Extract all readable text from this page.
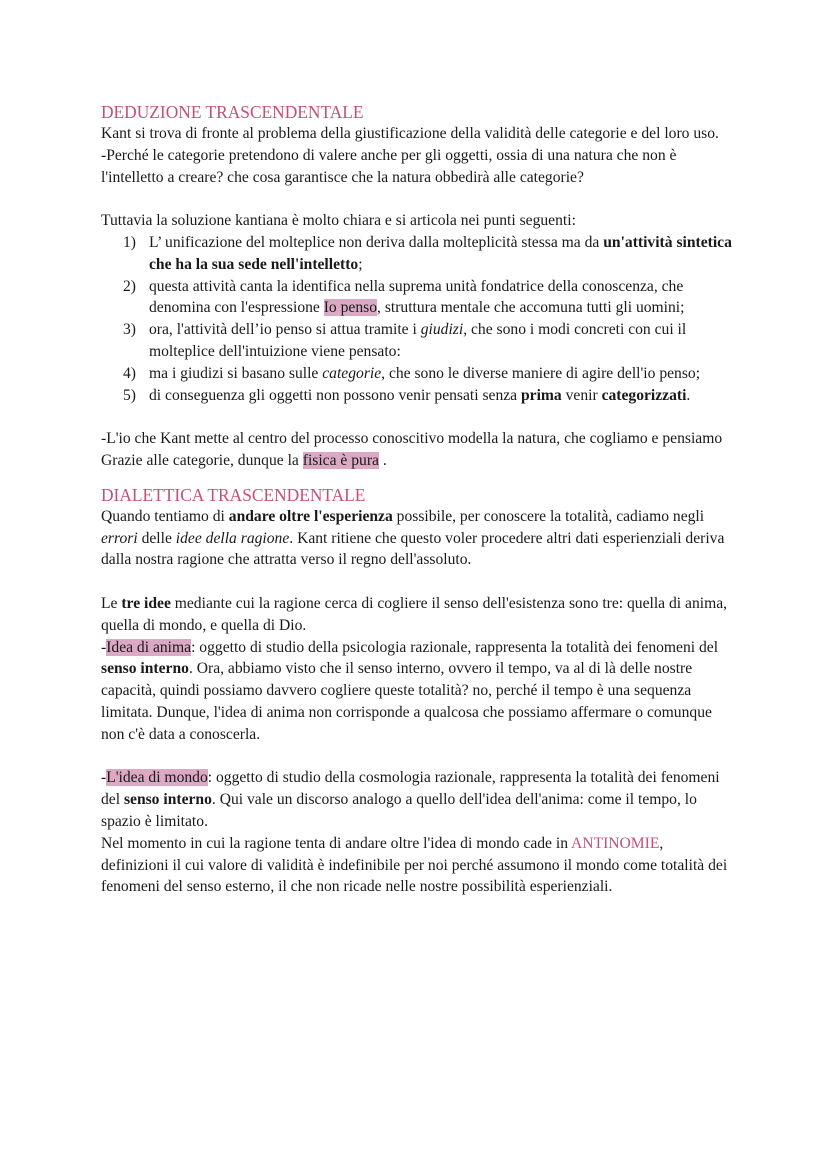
DEDUZIONE TRASCENDENTALE

Kant si trova di fronte al problema della giustificazione della validità delle categorie e del loro uso.

-Perché le categorie pretendono di valere anche per gli oggetti, ossia di una natura che non è l'intelletto a creare? che cosa garantisce che la natura obbedirà alle categorie?

Tuttavia la soluzione kantiana è molto chiara e si articola nei punti seguenti:

1) L’ unificazione del molteplice non deriva dalla molteplicità stessa ma da un'attività sintetica che ha la sua sede nell'intelletto;
2) questa attività canta la identifica nella suprema unità fondatrice della conoscenza, che denomina con l'espressione Io penso, struttura mentale che accomuna tutti gli uomini;
3) ora, l'attività dell’io penso si attua tramite i giudizi, che sono i modi concreti con cui il molteplice dell'intuizione viene pensato:
4) ma i giudizi si basano sulle categorie, che sono le diverse maniere di agire dell'io penso;
5) di conseguenza gli oggetti non possono venir pensati senza prima venir categorizzati.

-L'io che Kant mette al centro del processo conoscitivo modella la natura, che cogliamo e pensiamo Grazie alle categorie, dunque la fisica è pura .

DIALETTICA TRASCENDENTALE

Quando tentiamo di andare oltre l'esperienza possibile, per conoscere la totalità, cadiamo negli errori delle idee della ragione. Kant ritiene che questo voler procedere altri dati esperienziali deriva dalla nostra ragione che attratta verso il regno dell'assoluto.

Le tre idee mediante cui la ragione cerca di cogliere il senso dell'esistenza sono tre: quella di anima, quella di mondo, e quella di Dio.

-Idea di anima: oggetto di studio della psicologia razionale, rappresenta la totalità dei fenomeni del senso interno. Ora, abbiamo visto che il senso interno, ovvero il tempo, va al di là delle nostre capacità, quindi possiamo davvero cogliere queste totalità? no, perché il tempo è una sequenza limitata. Dunque, l'idea di anima non corrisponde a qualcosa che possiamo affermare o comunque non c'è data a conoscerla.

-L'idea di mondo: oggetto di studio della cosmologia razionale, rappresenta la totalità dei fenomeni del senso interno. Qui vale un discorso analogo a quello dell'idea dell'anima: come il tempo, lo spazio è limitato.

Nel momento in cui la ragione tenta di andare oltre l'idea di mondo cade in ANTINOMIE, definizioni il cui valore di validità è indefinibile per noi perché assumono il mondo come totalità dei fenomeni del senso esterno, il che non ricade nelle nostre possibilità esperienziali.
